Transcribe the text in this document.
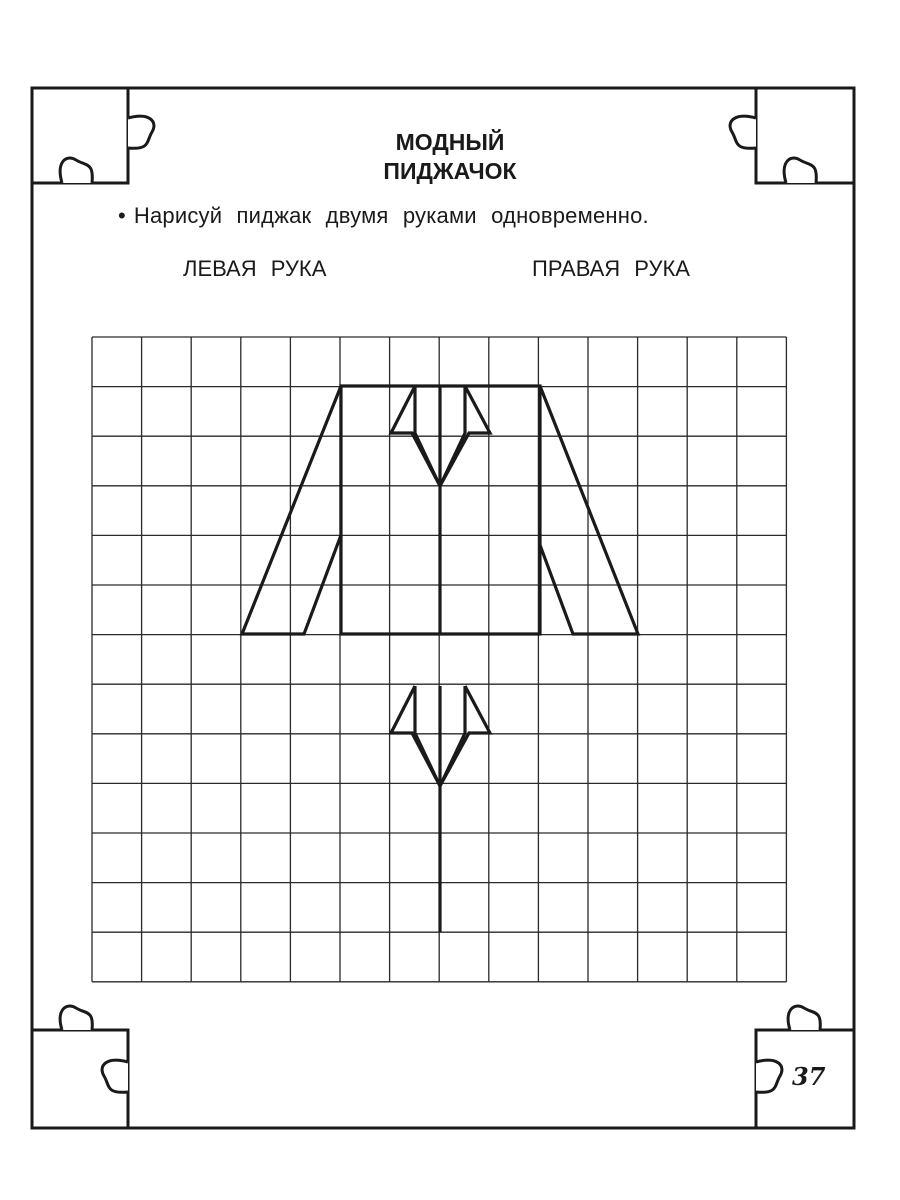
МОДНЫЙ
ПИДЖАЧОК
• Нарисуй пиджак двумя руками одновременно.
ЛЕВАЯ РУКА	ПРАВАЯ РУКА
37
